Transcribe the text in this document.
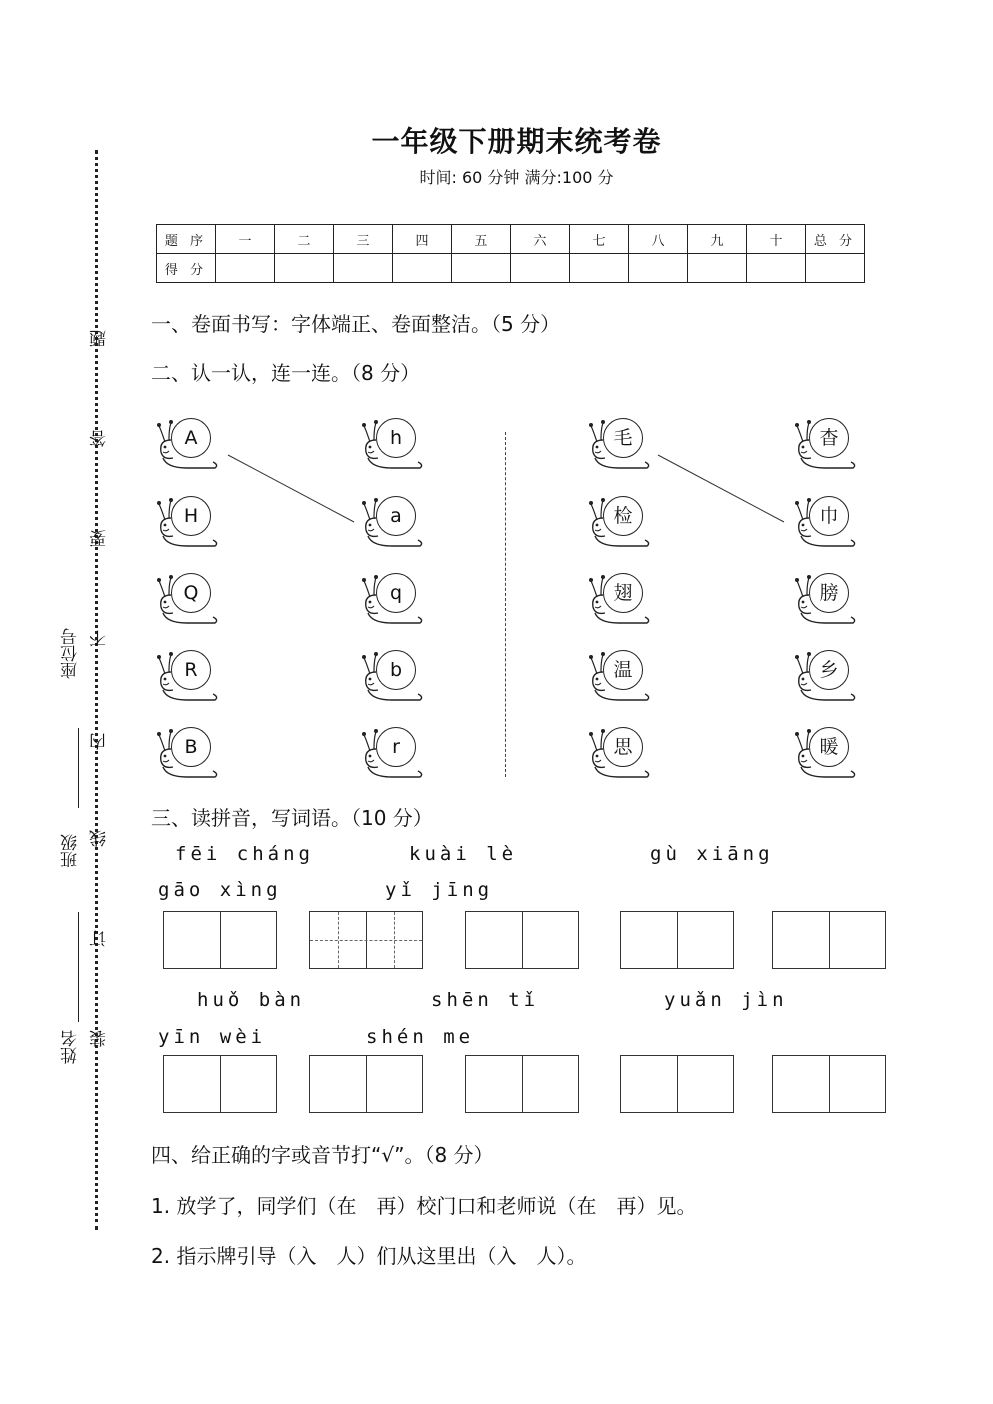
题
答
要
不
内
线
订
装
座位号
班级
姓名
一年级下册期末统考卷
时间: 60 分钟 满分:100 分
题 序	一	二	三	四	五	六	七	八	九	十	总 分
得 分											
一、卷面书写：字体端正、卷面整洁。（5 分）
二、认一认，连一连。（8 分）
A
H
Q
R
B
h
a
q
b
r
毛
检
翅
温
思
杳
巾
膀
乡
暖
三、读拼音，写词语。（10 分）
fēi cháng	kuài lè	gù xiāng
gāo xìng	yǐ jīng
huǒ bàn	shēn tǐ	yuǎn jìn
yīn wèi	shén me
四、给正确的字或音节打“√”。（8 分）
1. 放学了，同学们（在　再）校门口和老师说（在　再）见。
2. 指示牌引导（入　人）们从这里出（入　人）。
